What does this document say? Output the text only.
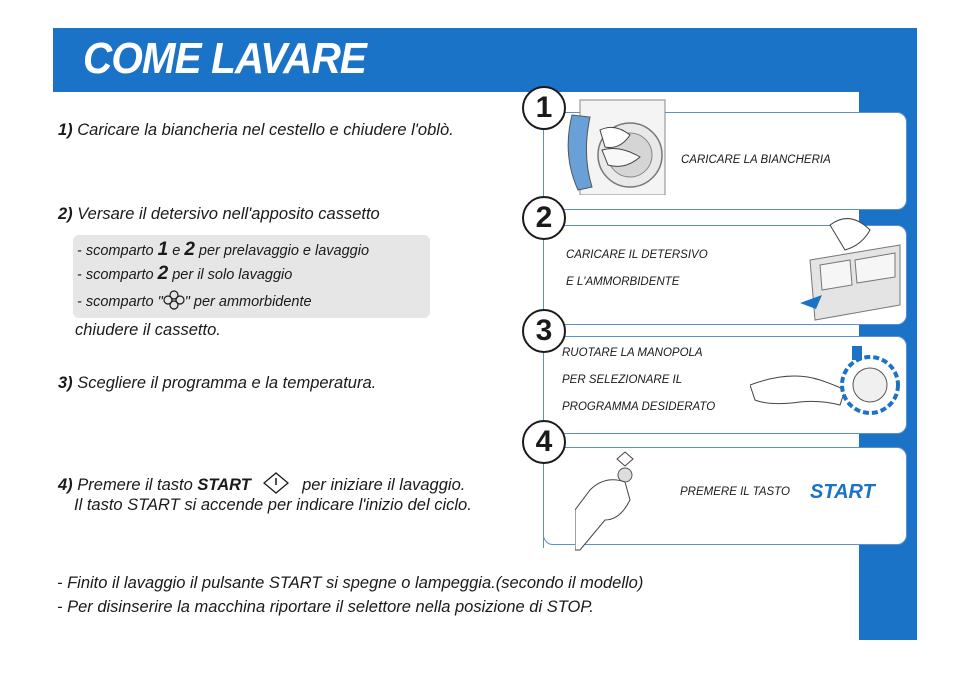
COME LAVARE
1) Caricare la biancheria nel cestello e chiudere l'oblò.
2) Versare il detersivo nell'apposito cassetto
- scomparto 1 e 2 per prelavaggio e lavaggio
- scomparto 2 per il solo lavaggio
- scomparto " " per ammorbidente
chiudere il cassetto.
3) Scegliere il programma e la temperatura.
4) Premere il tasto START	per iniziare il lavaggio.
Il tasto START si accende per indicare l'inizio del ciclo.
1
2
3
4
CARICARE LA BIANCHERIA
CARICARE IL DETERSIVO
E L'AMMORBIDENTE
RUOTARE LA MANOPOLA
PER SELEZIONARE IL
PROGRAMMA DESIDERATO
PREMERE IL TASTO START
- Finito il lavaggio il pulsante START si spegne o lampeggia.(secondo il modello)
- Per disinserire la macchina riportare il selettore nella posizione di STOP.
